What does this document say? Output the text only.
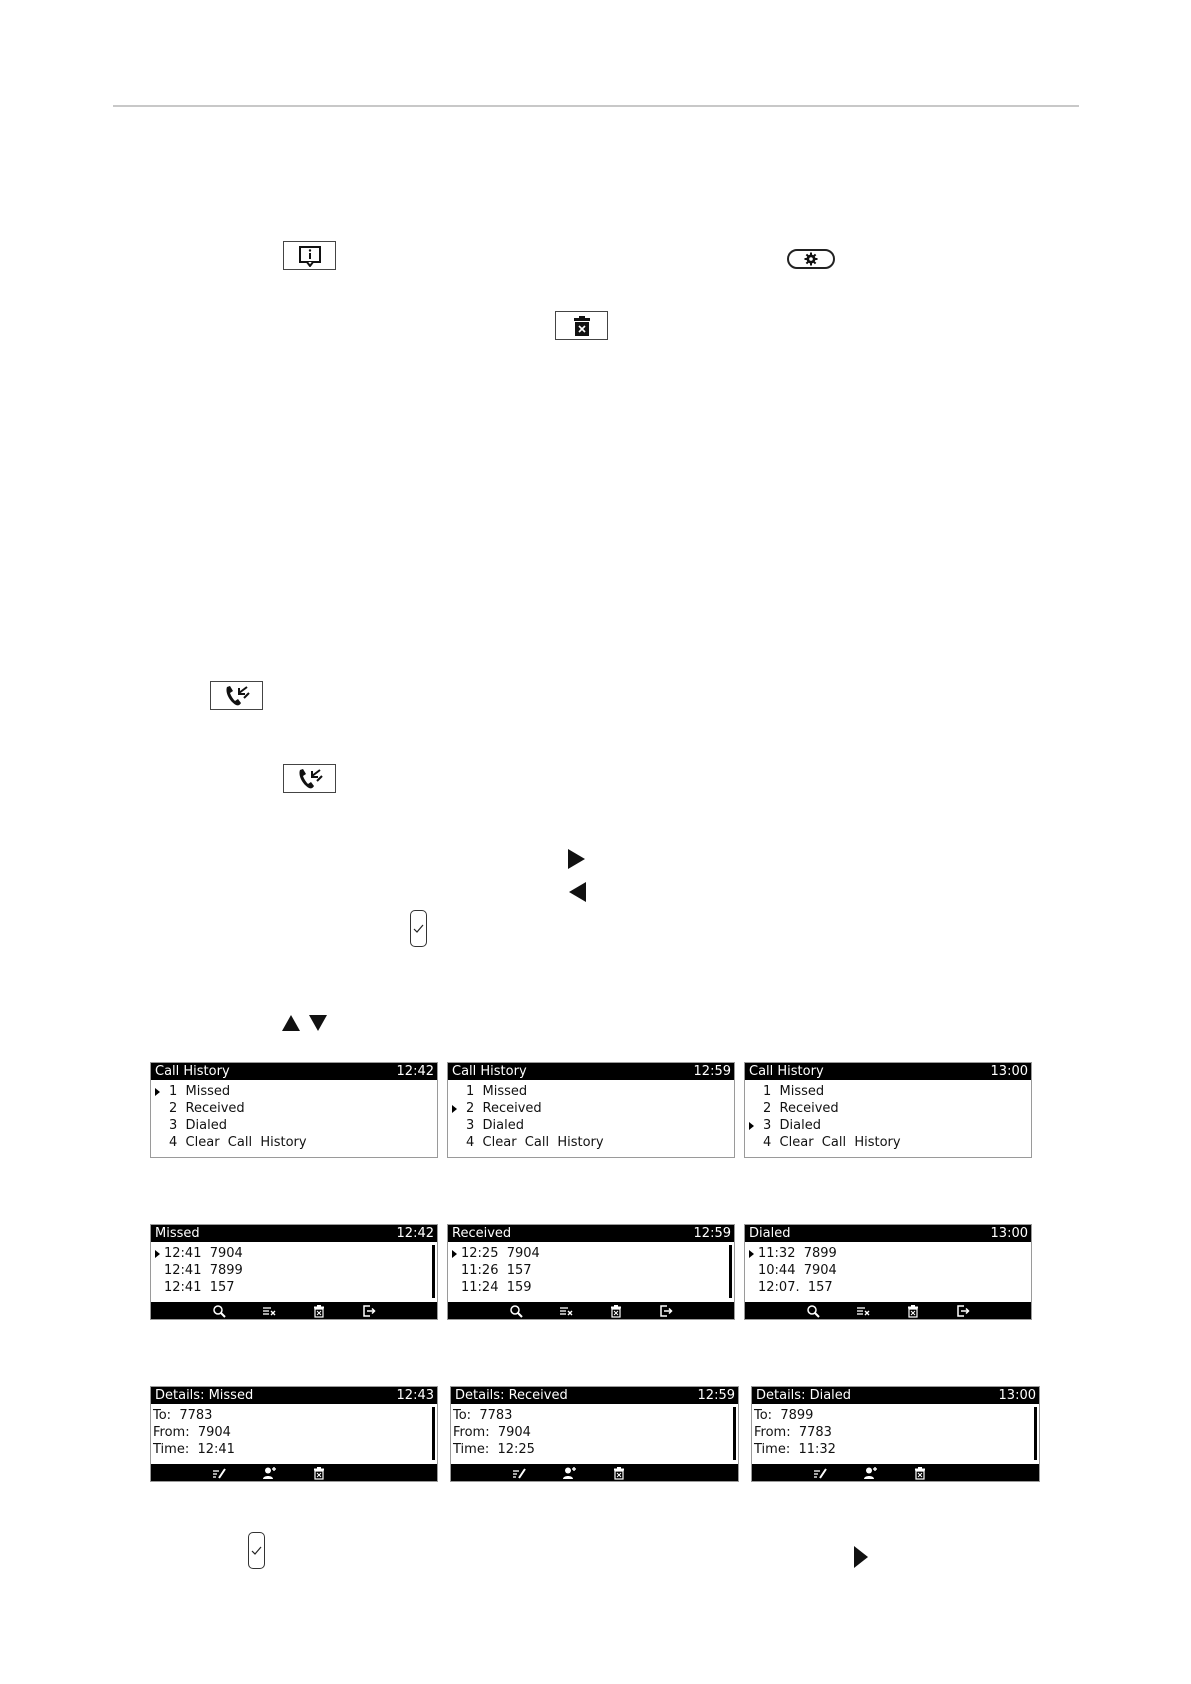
Call History	12:42
1  Missed
2  Received
3  Dialed
4  Clear  Call  History
Call History	12:59
1  Missed
2  Received
3  Dialed
4  Clear  Call  History
Call History	13:00
1  Missed
2  Received
3  Dialed
4  Clear  Call  History
Missed	12:42
12:41  7904
12:41  7899
12:41  157
Received	12:59
12:25  7904
11:26  157
11:24  159
Dialed	13:00
11:32  7899
10:44  7904
12:07.  157
Details: Missed	12:43
To:  7783
From:  7904
Time:  12:41
Details: Received	12:59
To:  7783
From:  7904
Time:  12:25
Details: Dialed	13:00
To:  7899
From:  7783
Time:  11:32
